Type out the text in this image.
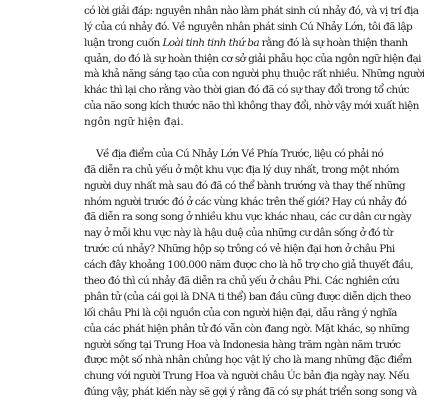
có lời giải đáp: nguyên nhân nào làm phát sinh cú nhảy đó, và vị trí địa
lý của cú nhảy đó. Về nguyên nhân phát sinh Cú Nhảy Lớn, tôi đã lập
luận trong cuốn Loài tinh tinh thứ ba rằng đó là sự hoàn thiện thanh
quản, do đó là sự hoàn thiện cơ sở giải phẫu học của ngôn ngữ hiện đại
mà khả năng sáng tạo của con người phụ thuộc rất nhiều. Những người
khác thì lại cho rằng vào thời gian đó đã có sự thay đổi trong tổ chức
của não song kích thước não thì không thay đổi, nhờ vậy mới xuất hiện
ngôn ngữ hiện đại.
Về địa điểm của Cú Nhảy Lớn Về Phía Trước, liệu có phải nó
đã diễn ra chủ yếu ở một khu vực địa lý duy nhất, trong một nhóm
người duy nhất mà sau đó đã có thể bành trướng và thay thế những
nhóm người trước đó ở các vùng khác trên thế giới? Hay cú nhảy đó
đã diễn ra song song ở nhiều khu vực khác nhau, các cư dân cư ngày
nay ở mỗi khu vực này là hậu duệ của những cư dân sống ở đó từ
trước cú nhảy? Những hộp sọ trông có vẻ hiện đại hơn ở châu Phi
cách đây khoảng 100.000 năm được cho là hỗ trợ cho giả thuyết đầu,
theo đó thì cú nhảy đã diễn ra chủ yếu ở châu Phi. Các nghiên cứu
phân tử (của cái gọi là DNA ti thể) ban đầu cũng được diễn dịch theo
lối châu Phi là cội nguồn của con người hiện đại, dẫu rằng ý nghĩa
của các phát hiện phân tử đó vẫn còn đang ngờ. Mặt khác, sọ những
người sống tại Trung Hoa và Indonesia hàng trăm ngàn năm trước
được một số nhà nhân chủng học vật lý cho là mang những đặc điểm
chung với người Trung Hoa và người châu Úc bản địa ngày nay. Nếu
đúng vậy, phát kiến này sẽ gợi ý rằng đã có sự phát triển song song và
